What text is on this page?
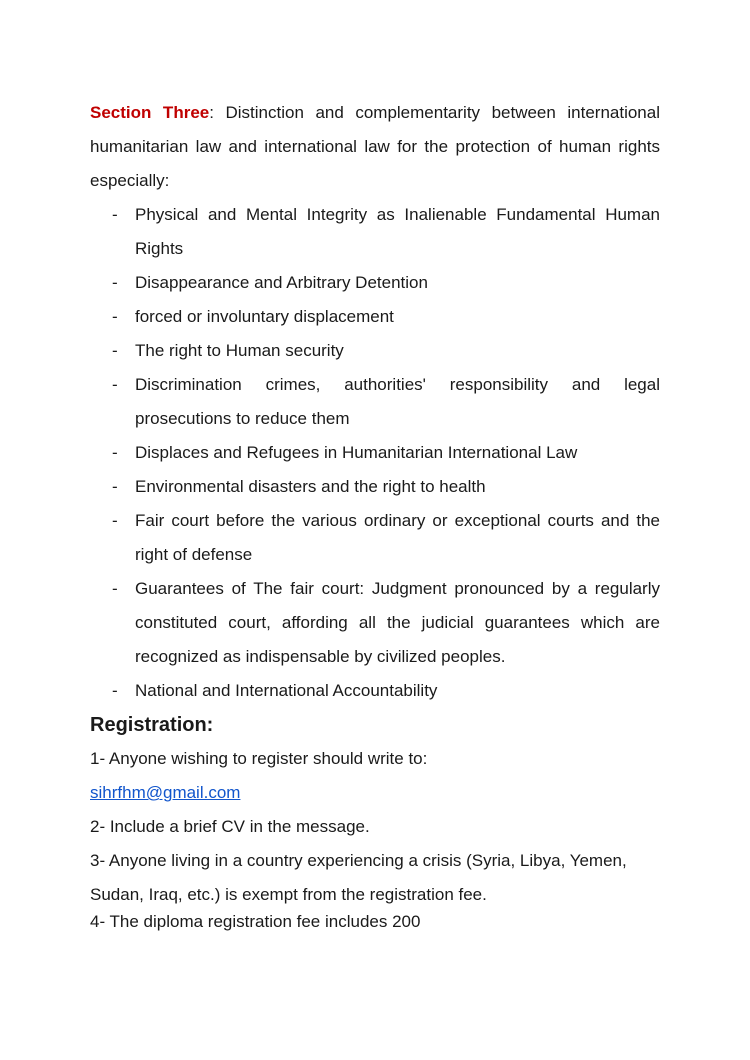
Section Three: Distinction and complementarity between international humanitarian law and international law for the protection of human rights especially:

- Physical and Mental Integrity as Inalienable Fundamental Human Rights
- Disappearance and Arbitrary Detention
- forced or involuntary displacement
- The right to Human security
- Discrimination crimes, authorities' responsibility and legal prosecutions to reduce them
- Displaces and Refugees in Humanitarian International Law
- Environmental disasters and the right to health
- Fair court before the various ordinary or exceptional courts and the right of defense
- Guarantees of The fair court: Judgment pronounced by a regularly constituted court, affording all the judicial guarantees which are recognized as indispensable by civilized peoples.
- National and International Accountability

Registration:

1- Anyone wishing to register should write to:

sihrfhm@gmail.com

2- Include a brief CV in the message.

3- Anyone living in a country experiencing a crisis (Syria, Libya, Yemen, Sudan, Iraq, etc.) is exempt from the registration fee.

4- The diploma registration fee includes 200
